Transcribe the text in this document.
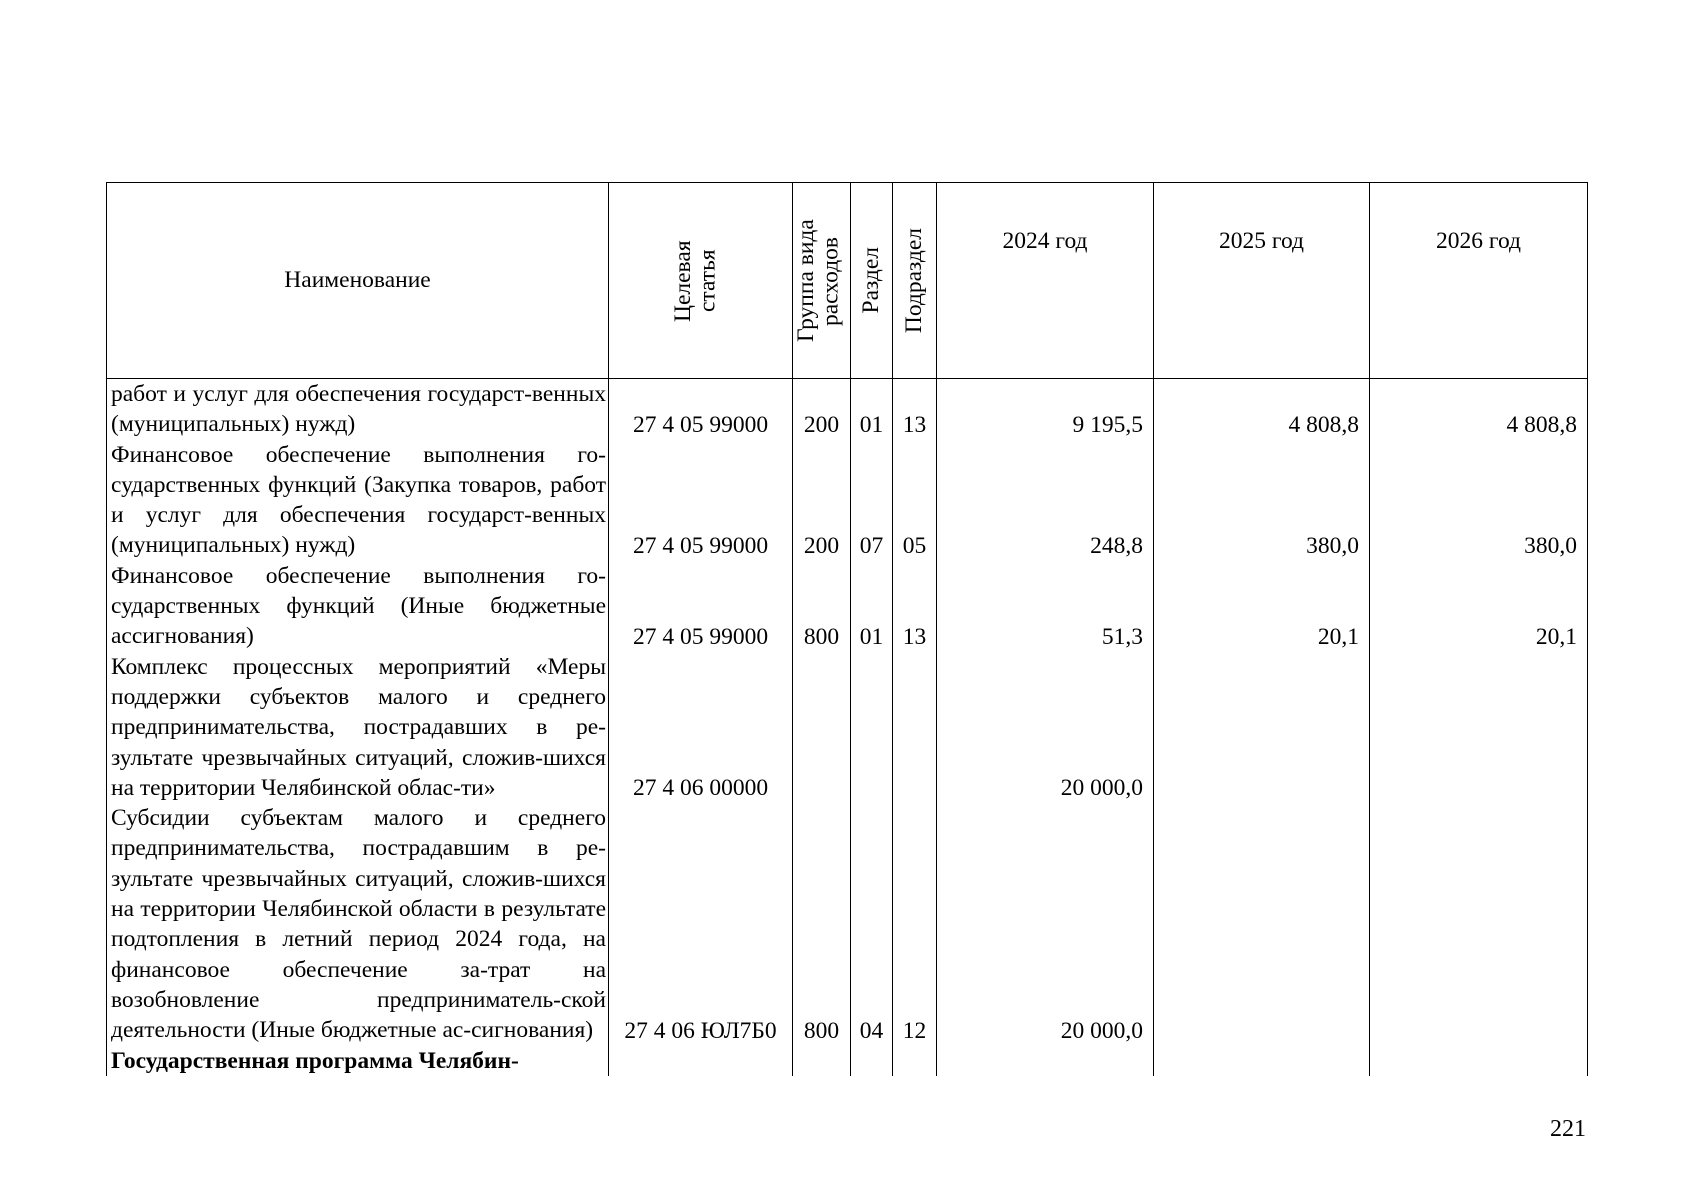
Наименование	Целевая статья	Группа вида расходов	Раздел	Подраздел	2024 год	2025 год	2026 год
работ и услуг для обеспечения государст-венных (муниципальных) нужд)	27 4 05 99000	200	01	13	9 195,5	4 808,8	4 808,8
Финансовое обеспечение выполнения го-сударственных функций (Закупка товаров, работ и услуг для обеспечения государст-венных (муниципальных) нужд)	27 4 05 99000	200	07	05	248,8	380,0	380,0
Финансовое обеспечение выполнения го-сударственных функций (Иные бюджетные ассигнования)	27 4 05 99000	800	01	13	51,3	20,1	20,1
Комплекс процессных мероприятий «Меры поддержки субъектов малого и среднего предпринимательства, пострадавших в ре-зультате чрезвычайных ситуаций, сложив-шихся на территории Челябинской облас-ти»	27 4 06 00000				20 000,0		
Субсидии субъектам малого и среднего предпринимательства, пострадавшим в ре-зультате чрезвычайных ситуаций, сложив-шихся на территории Челябинской области в результате подтопления в летний период 2024 года, на финансовое обеспечение за-трат на возобновление предприниматель-ской деятельности (Иные бюджетные ас-сигнования)	27 4 06 ЮЛ7Б0	800	04	12	20 000,0		
Государственная программа Челябин-							
221
